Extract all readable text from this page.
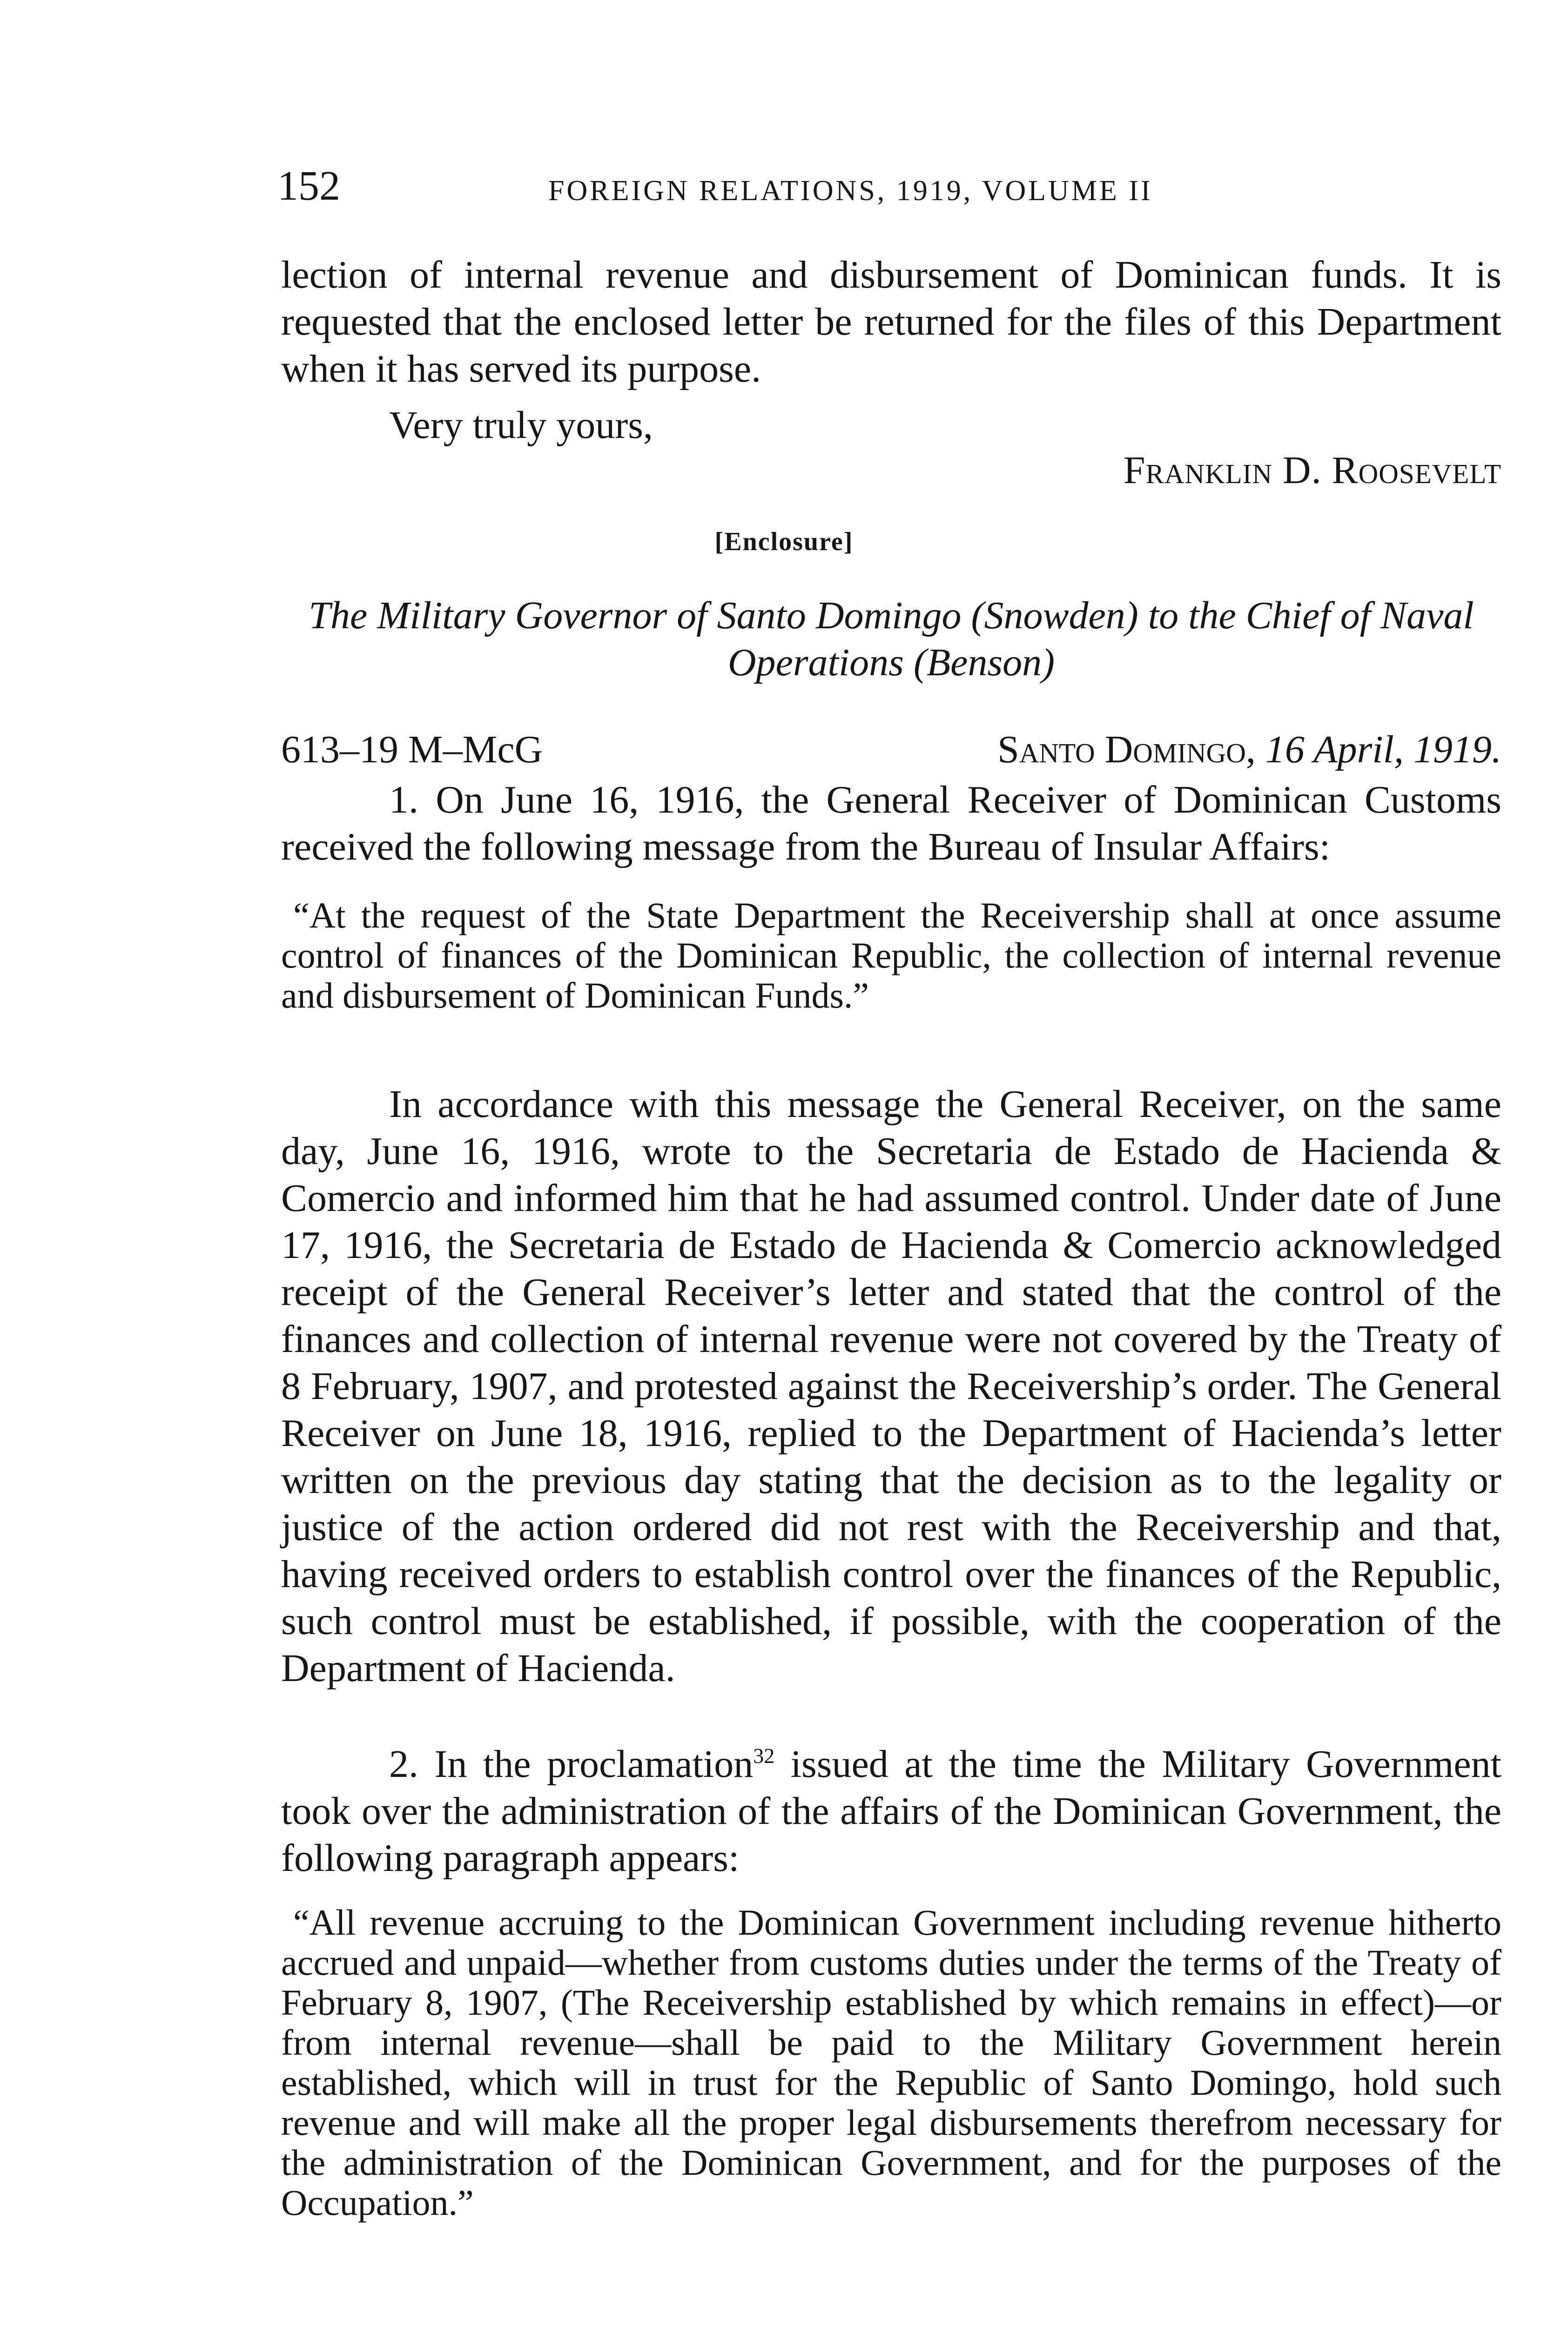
152	FOREIGN RELATIONS, 1919, VOLUME II

lection of internal revenue and disbursement of Dominican funds. It is requested that the enclosed letter be returned for the files of this Department when it has served its purpose.

Very truly yours,
Franklin D. Roosevelt
[Enclosure]

The Military Governor of Santo Domingo (Snowden) to the Chief of Naval Operations (Benson)

613–19 M–McG	Santo Domingo, 16 April, 1919.

1. On June 16, 1916, the General Receiver of Dominican Customs received the following message from the Bureau of Insular Affairs:

“At the request of the State Department the Receivership shall at once assume control of finances of the Dominican Republic, the collection of internal revenue and disbursement of Dominican Funds.”

In accordance with this message the General Receiver, on the same day, June 16, 1916, wrote to the Secretaria de Estado de Hacienda & Comercio and informed him that he had assumed control. Under date of June 17, 1916, the Secretaria de Estado de Hacienda & Comercio acknowledged receipt of the General Receiver’s letter and stated that the control of the finances and collection of internal revenue were not covered by the Treaty of 8 February, 1907, and protested against the Receivership’s order. The General Receiver on June 18, 1916, replied to the Department of Hacienda’s letter written on the previous day stating that the decision as to the legality or justice of the action ordered did not rest with the Receivership and that, having received orders to establish control over the finances of the Republic, such control must be established, if possible, with the cooperation of the Department of Hacienda.

2. In the proclamation$^{32}$ issued at the time the Military Government took over the administration of the affairs of the Dominican Government, the following paragraph appears:

“All revenue accruing to the Dominican Government including revenue hitherto accrued and unpaid—whether from customs duties under the terms of the Treaty of February 8, 1907, (The Receivership established by which remains in effect)—or from internal revenue—shall be paid to the Military Government herein established, which will in trust for the Republic of Santo Domingo, hold such revenue and will make all the proper legal disbursements therefrom necessary for the administration of the Dominican Government, and for the purposes of the Occupation.”
